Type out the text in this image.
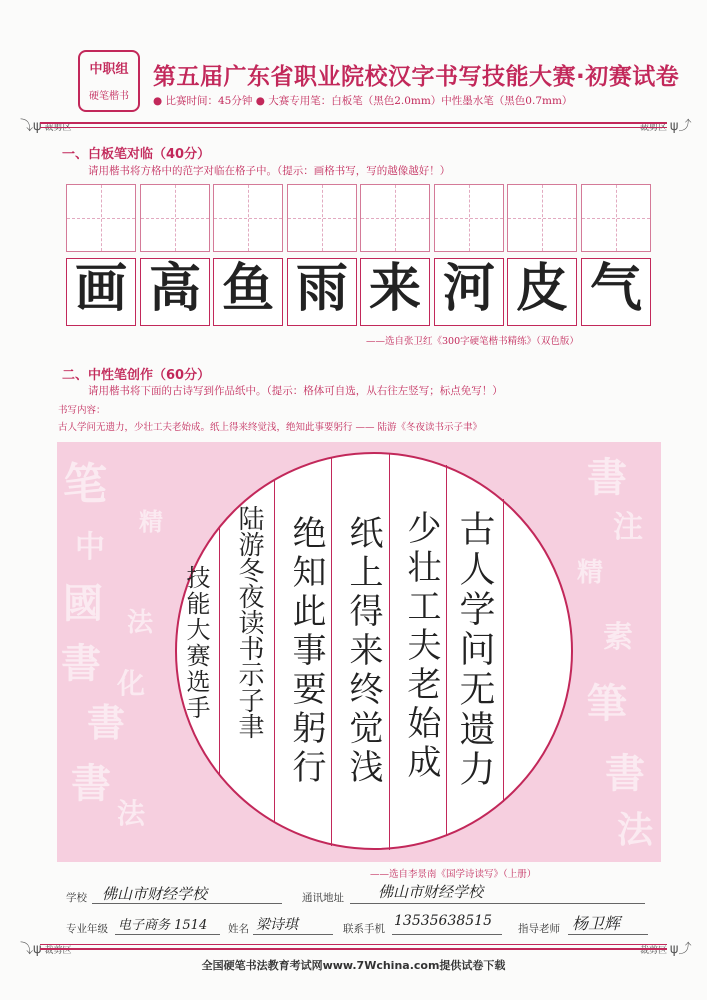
中职组
硬笔楷书
第五届广东省职业院校汉字书写技能大赛·初赛试卷
● 比赛时间：45分钟 ● 大赛专用笔：白板笔（黑色2.0mm）中性墨水笔（黑色0.7mm）
⤵ψ 裁剪区	裁剪区 ψ⤴
一、白板笔对临（40分）
请用楷书将方格中的范字对临在格子中。（提示：画格书写，写的越像越好！）
画 高 鱼 雨 来 河 皮 气
——选自张卫红《300字硬笔楷书精练》（双色版）
二、中性笔创作（60分）
请用楷书将下面的古诗写到作品纸中。（提示：格体可自选，从右往左竖写；标点免写！）
书写内容：
古人学问无遗力，少壮工夫老始成。纸上得来终觉浅，绝知此事要躬行 —— 陆游《冬夜读书示子聿》
笔
中
國
書
書
書
精
法
化
法
書
注
精
素
筆
書
法
古人学问无遗力
少壮工夫老始成
纸上得来终觉浅
绝知此事要躬行
陆游冬夜读书示子聿
技能大赛选手
——选自李景南《国学诗读写》（上册）
学校 佛山市财经学校	通讯地址 佛山市财经学校
专业年级 电子商务 1514 姓名 梁诗琪	联系手机 13535638515 指导老师 杨卫辉
⤵ψ 裁剪区	裁剪区 ψ⤴
全国硬笔书法教育考试网www.7Wchina.com提供试卷下载
